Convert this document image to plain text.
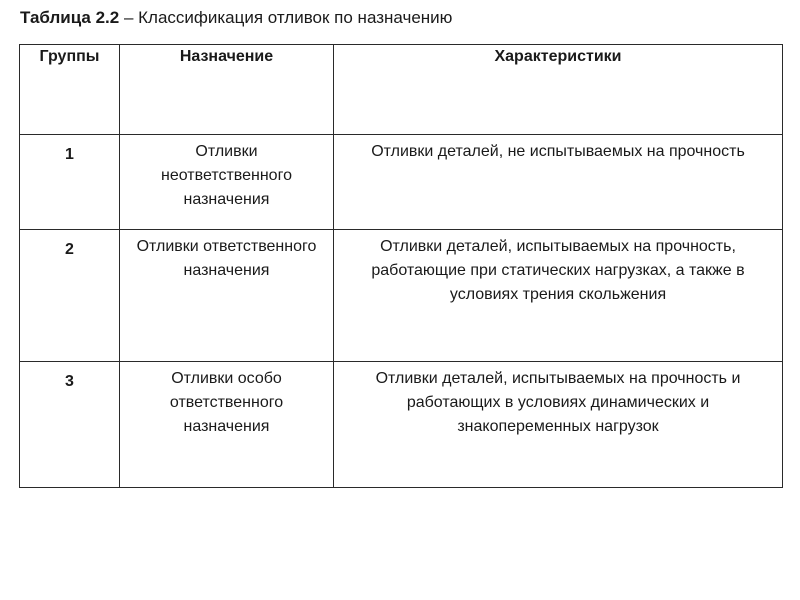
Таблица 2.2 – Классификация отливок по назначению
Группы	Назначение	Характеристики
1	Отливки неответственного назначения	Отливки деталей, не испытываемых на прочность
2	Отливки ответственного назначения	Отливки деталей, испытываемых на прочность, работающие при статических нагрузках, а также в условиях трения скольжения
3	Отливки особо ответственного назначения	Отливки деталей, испытываемых на прочность и работающих в условиях динамических и знакопеременных нагрузок
